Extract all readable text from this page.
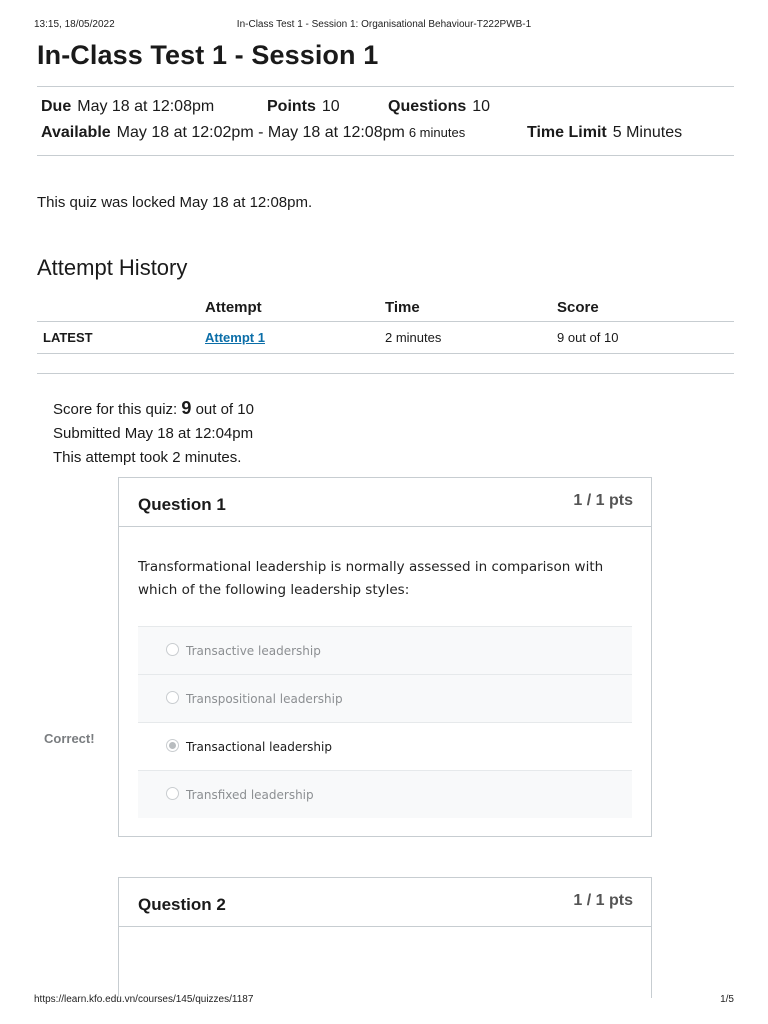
13:15, 18/05/2022	In-Class Test 1 - Session 1: Organisational Behaviour-T222PWB-1
In-Class Test 1 - Session 1
Due May 18 at 12:08pm	Points 10	Questions 10
Available May 18 at 12:02pm - May 18 at 12:08pm 6 minutes	Time Limit 5 Minutes
This quiz was locked May 18 at 12:08pm.
Attempt History
	Attempt	Time	Score
LATEST	Attempt 1	2 minutes	9 out of 10
Score for this quiz: 9 out of 10
Submitted May 18 at 12:04pm
This attempt took 2 minutes.
Correct!
Question 1	1 / 1 pts
Transformational leadership is normally assessed in comparison with which of the following leadership styles:
Transactive leadership
Transpositional leadership
Transactional leadership
Transfixed leadership
Question 2	1 / 1 pts
https://learn.kfo.edu.vn/courses/145/quizzes/1187	1/5
